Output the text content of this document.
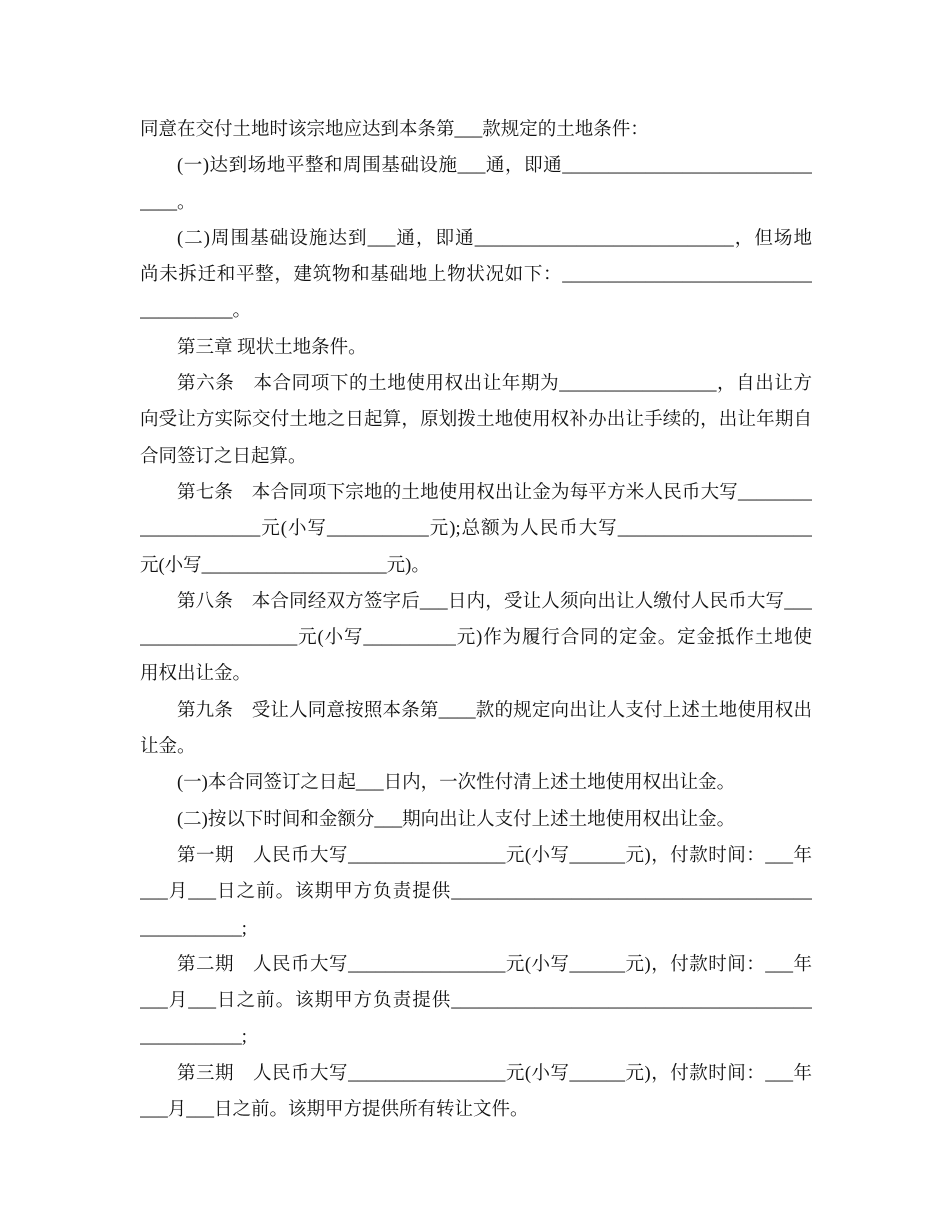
同意在交付土地时该宗地应达到本条第___款规定的土地条件：
(一)达到场地平整和周围基础设施___通，即通___________________________
____。
(二)周围基础设施达到___通，即通____________________________，但场地
尚未拆迁和平整，建筑物和基础地上物状况如下：___________________________
__________。
第三章 现状土地条件。
第六条　本合同项下的土地使用权出让年期为_________________，自出让方
向受让方实际交付土地之日起算，原划拨土地使用权补办出让手续的，出让年期自
合同签订之日起算。
第七条　本合同项下宗地的土地使用权出让金为每平方米人民币大写________
_____________元(小写___________元);总额为人民币大写_____________________
元(小写____________________元)。
第八条　本合同经双方签字后___日内，受让人须向出让人缴付人民币大写___
_________________元(小写__________元)作为履行合同的定金。定金抵作土地使
用权出让金。
第九条　受让人同意按照本条第____款的规定向出让人支付上述土地使用权出
让金。
(一)本合同签订之日起___日内，一次性付清上述土地使用权出让金。
(二)按以下时间和金额分___期向出让人支付上述土地使用权出让金。
第一期　人民币大写_________________元(小写______元)，付款时间：___年
___月___日之前。该期甲方负责提供_______________________________________
___________;
第二期　人民币大写_________________元(小写______元)，付款时间：___年
___月___日之前。该期甲方负责提供_______________________________________
___________;
第三期　人民币大写_________________元(小写______元)，付款时间：___年
___月___日之前。该期甲方提供所有转让文件。
